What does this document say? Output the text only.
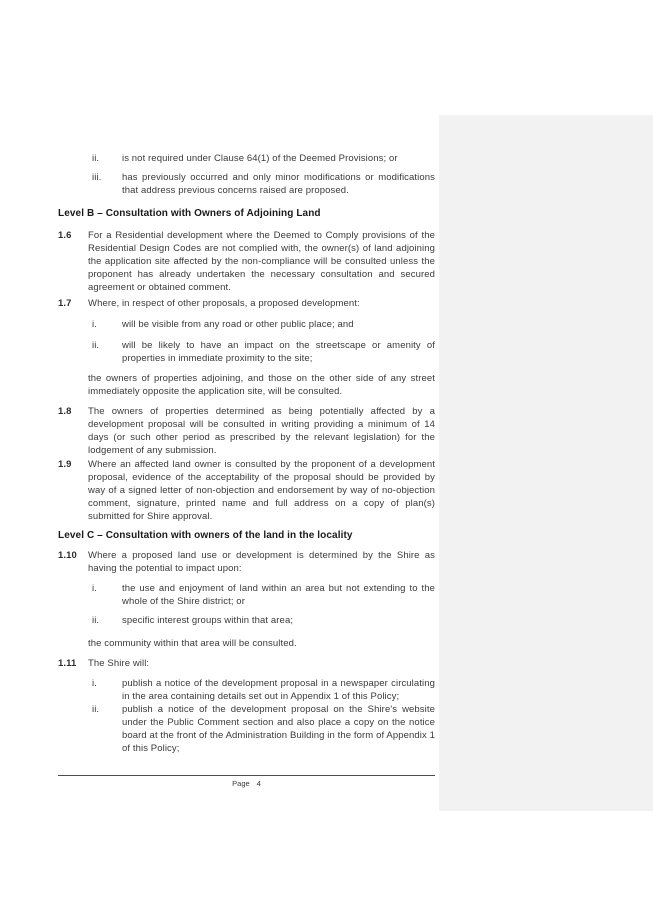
ii.	is not required under Clause 64(1) of the Deemed Provisions; or

iii.	has previously occurred and only minor modifications or modifications that address previous concerns raised are proposed.

Level B – Consultation with Owners of Adjoining Land
1.6	For a Residential development where the Deemed to Comply provisions of the Residential Design Codes are not complied with, the owner(s) of land adjoining the application site affected by the non-compliance will be consulted unless the proponent has already undertaken the necessary consultation and secured agreement or obtained comment.

1.7	Where, in respect of other proposals, a proposed development:

i.	will be visible from any road or other public place; and

ii.	will be likely to have an impact on the streetscape or amenity of properties in immediate proximity to the site;

the owners of properties adjoining, and those on the other side of any street immediately opposite the application site, will be consulted.

1.8	The owners of properties determined as being potentially affected by a development proposal will be consulted in writing providing a minimum of 14 days (or such other period as prescribed by the relevant legislation) for the lodgement of any submission.

1.9	Where an affected land owner is consulted by the proponent of a development proposal, evidence of the acceptability of the proposal should be provided by way of a signed letter of non-objection and endorsement by way of no-objection comment, signature, printed name and full address on a copy of plan(s) submitted for Shire approval.

Level C – Consultation with owners of the land in the locality
1.10	Where a proposed land use or development is determined by the Shire as having the potential to impact upon:

i.	the use and enjoyment of land within an area but not extending to the whole of the Shire district; or

ii.	specific interest groups within that area;

the community within that area will be consulted.

1.11	The Shire will:

i.	publish a notice of the development proposal in a newspaper circulating in the area containing details set out in Appendix 1 of this Policy;

ii.	publish a notice of the development proposal on the Shire's website under the Public Comment section and also place a copy on the notice board at the front of the Administration Building in the form of Appendix 1 of this Policy;

Page 4
